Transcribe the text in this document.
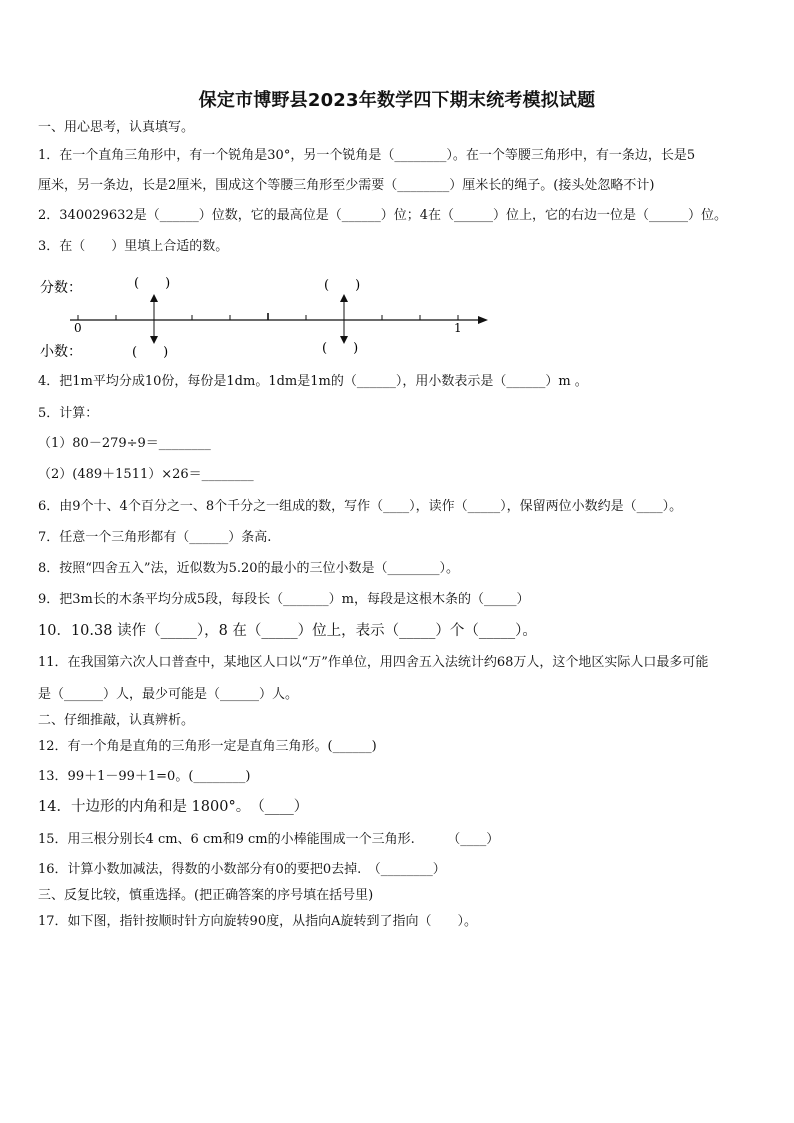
保定市博野县2023年数学四下期末统考模拟试题
一、用心思考，认真填写。
1．在一个直角三角形中，有一个锐角是30°，另一个锐角是（________）。在一个等腰三角形中，有一条边，长是5
厘米，另一条边，长是2厘米，围成这个等腰三角形至少需要（________）厘米长的绳子。(接头处忽略不计)
2．340029632是（______）位数，它的最高位是（______）位；4在（______）位上，它的右边一位是（______）位。
3．在（　　）里填上合适的数。
分数：
小数：
0	1
(　　)
(　　)
(　　)
(　　)
4．把1m平均分成10份，每份是1dm。1dm是1m的（______），用小数表示是（______）m 。
5．计算：
（1）80－279÷9＝________
（2）(489＋1511）×26＝________
6．由9个十、4个百分之一、8个千分之一组成的数，写作（____），读作（_____），保留两位小数约是（____）。
7．任意一个三角形都有（______）条高.
8．按照“四舍五入”法，近似数为5.20的最小的三位小数是（________）。
9．把3m长的木条平均分成5段，每段长（_______）m，每段是这根木条的（_____）
10．10.38 读作（_____），8 在（_____）位上，表示（_____）个（_____）。
11．在我国第六次人口普查中，某地区人口以“万”作单位，用四舍五入法统计约68万人，这个地区实际人口最多可能
是（______）人，最少可能是（______）人。
二、仔细推敲，认真辨析。
12．有一个角是直角的三角形一定是直角三角形。(______)
13．99＋1－99＋1=0。(________)
14．十边形的内角和是 1800°。　（____）
15．用三根分别长4 cm、6 cm和9 cm的小棒能围成一个三角形.　　　（____）
16．计算小数加减法，得数的小数部分有0的要把0去掉.　（________）
三、反复比较，慎重选择。(把正确答案的序号填在括号里)
17．如下图，指针按顺时针方向旋转90度，从指向A旋转到了指向（　　）。
